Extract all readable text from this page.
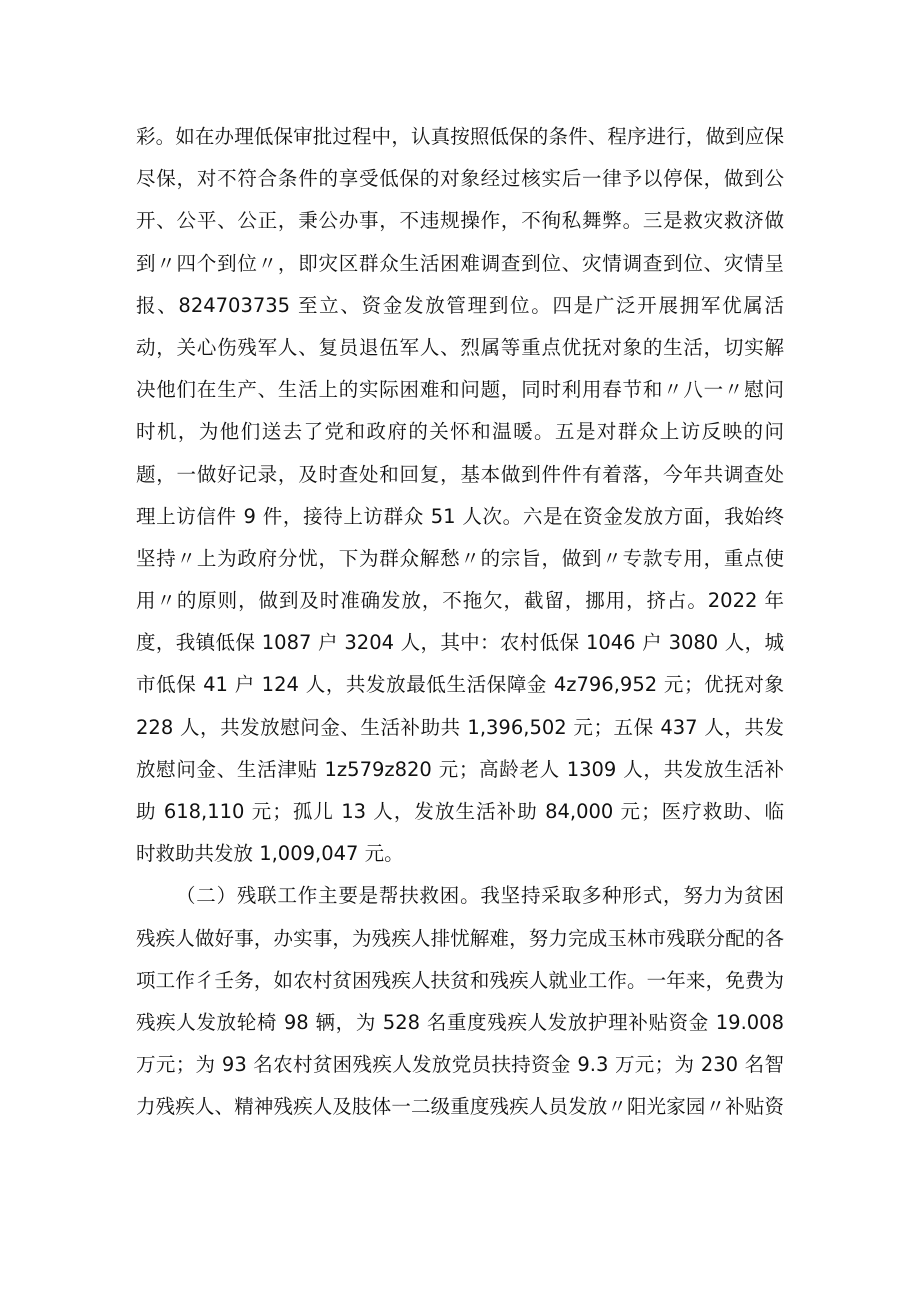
彩。如在办理低保审批过程中，认真按照低保的条件、程序进行，做到应保
尽保，对不符合条件的享受低保的对象经过核实后一律予以停保，做到公
开、公平、公正，秉公办事，不违规操作，不徇私舞弊。三是救灾救济做
到〃四个到位〃，即灾区群众生活困难调查到位、灾情调查到位、灾情呈
报、824703735 至立、资金发放管理到位。四是广泛开展拥军优属活
动，关心伤残军人、复员退伍军人、烈属等重点优抚对象的生活，切实解
决他们在生产、生活上的实际困难和问题，同时利用春节和〃八一〃慰问
时机，为他们送去了党和政府的关怀和温暖。五是对群众上访反映的问
题，一做好记录，及时查处和回复，基本做到件件有着落，今年共调查处
理上访信件 9 件，接待上访群众 51 人次。六是在资金发放方面，我始终
坚持〃上为政府分忧，下为群众解愁〃的宗旨，做到〃专款专用，重点使
用〃的原则，做到及时准确发放，不拖欠，截留，挪用，挤占。2022 年
度，我镇低保 1087 户 3204 人，其中：农村低保 1046 户 3080 人，城
市低保 41 户 124 人，共发放最低生活保障金 4z796,952 元；优抚对象
228 人，共发放慰问金、生活补助共 1,396,502 元；五保 437 人，共发
放慰问金、生活津贴 1z579z820 元；高龄老人 1309 人，共发放生活补
助 618,110 元；孤儿 13 人，发放生活补助 84,000 元；医疗救助、临
时救助共发放 1,009,047 元。
（二）残联工作主要是帮扶救困。我坚持采取多种形式，努力为贫困
残疾人做好事，办实事，为残疾人排忧解难，努力完成玉林市残联分配的各
项工作彳壬务，如农村贫困残疾人扶贫和残疾人就业工作。一年来，免费为
残疾人发放轮椅 98 辆，为 528 名重度残疾人发放护理补贴资金 19.008
万元；为 93 名农村贫困残疾人发放党员扶持资金 9.3 万元；为 230 名智
力残疾人、精神残疾人及肢体一二级重度残疾人员发放〃阳光家园〃补贴资
